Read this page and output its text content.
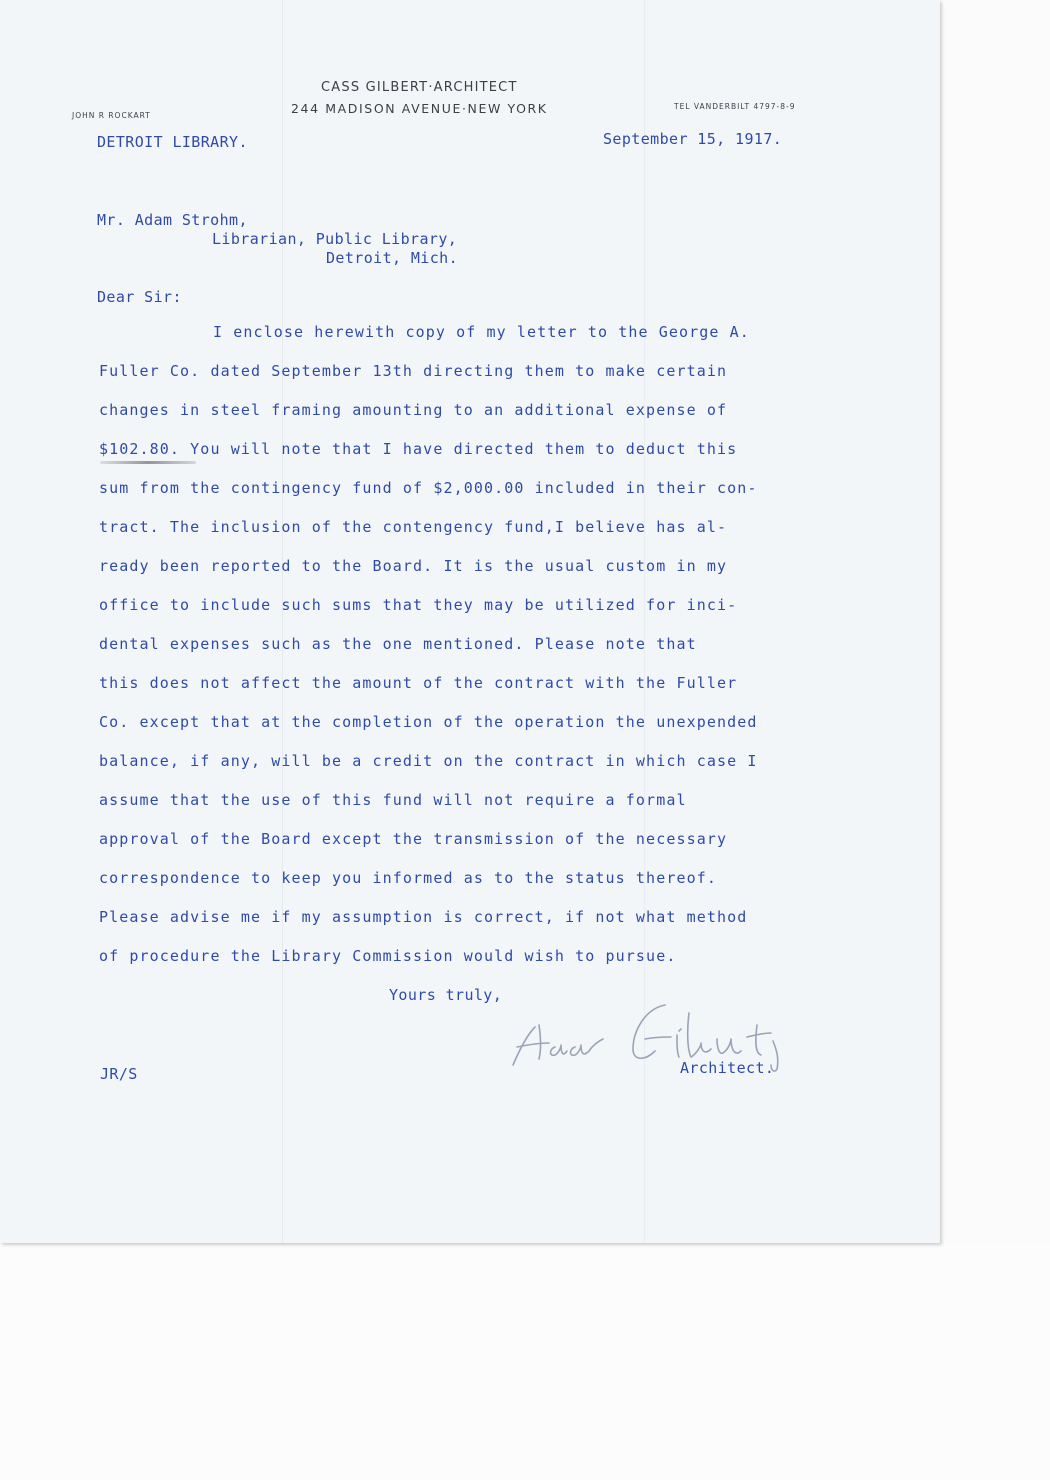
CASS GILBERT·ARCHITECT
244 MADISON AVENUE·NEW YORK
JOHN R ROCKART
TEL VANDERBILT 4797-8-9
DETROIT LIBRARY.	September 15, 1917.
Mr. Adam Strohm,
Librarian, Public Library,
Detroit, Mich.
Dear Sir:
I enclose herewith copy of my letter to the George A.
Fuller Co. dated September 13th directing them to make certain
changes in steel framing amounting to an additional expense of
$102.80. You will note that I have directed them to deduct this
sum from the contingency fund of $2,000.00 included in their con-
tract. The inclusion of the contengency fund,I believe has al-
ready been reported to the Board. It is the usual custom in my
office to include such sums that they may be utilized for inci-
dental expenses such as the one mentioned. Please note that
this does not affect the amount of the contract with the Fuller
Co. except that at the completion of the operation the unexpended
balance, if any, will be a credit on the contract in which case I
assume that the use of this fund will not require a formal
approval of the Board except the transmission of the necessary
correspondence to keep you informed as to the status thereof.
Please advise me if my assumption is correct, if not what method
of procedure the Library Commission would wish to pursue.
Yours truly,
Architect.
JR/S
